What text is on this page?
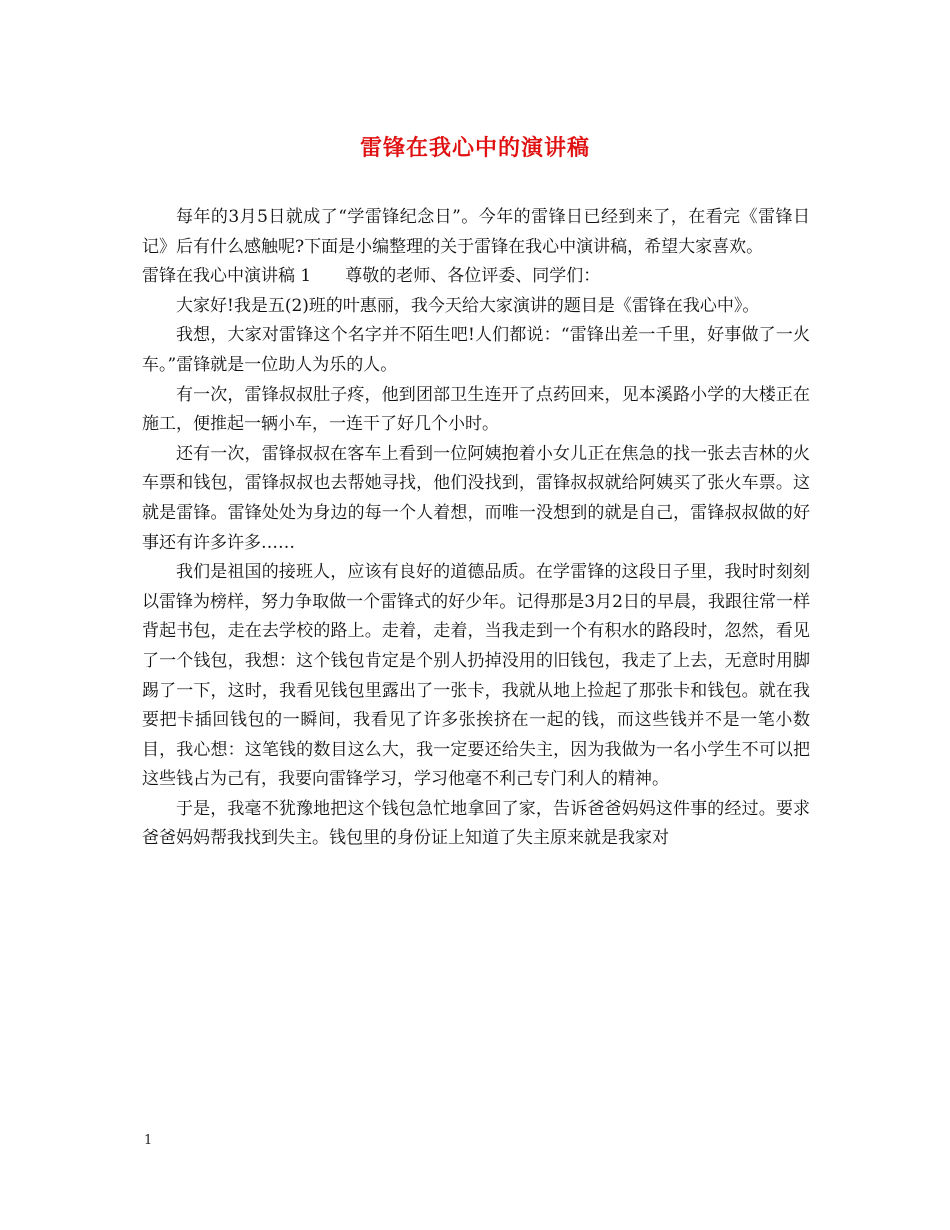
雷锋在我心中的演讲稿

每年的3月5日就成了“学雷锋纪念日”。今年的雷锋日已经到来了，在看完《雷锋日记》后有什么感触呢?下面是小编整理的关于雷锋在我心中演讲稿，希望大家喜欢。

雷锋在我心中演讲稿 1　　尊敬的老师、各位评委、同学们：

大家好!我是五(2)班的叶惠丽，我今天给大家演讲的题目是《雷锋在我心中》。

我想，大家对雷锋这个名字并不陌生吧!人们都说：“雷锋出差一千里，好事做了一火车。”雷锋就是一位助人为乐的人。

有一次，雷锋叔叔肚子疼，他到团部卫生连开了点药回来，见本溪路小学的大楼正在施工，便推起一辆小车，一连干了好几个小时。

还有一次，雷锋叔叔在客车上看到一位阿姨抱着小女儿正在焦急的找一张去吉林的火车票和钱包，雷锋叔叔也去帮她寻找，他们没找到，雷锋叔叔就给阿姨买了张火车票。这就是雷锋。雷锋处处为身边的每一个人着想，而唯一没想到的就是自己，雷锋叔叔做的好事还有许多许多……

我们是祖国的接班人，应该有良好的道德品质。在学雷锋的这段日子里，我时时刻刻以雷锋为榜样，努力争取做一个雷锋式的好少年。记得那是3月2日的早晨，我跟往常一样背起书包，走在去学校的路上。走着，走着，当我走到一个有积水的路段时，忽然，看见了一个钱包，我想：这个钱包肯定是个别人扔掉没用的旧钱包，我走了上去，无意时用脚踢了一下，这时，我看见钱包里露出了一张卡，我就从地上捡起了那张卡和钱包。就在我要把卡插回钱包的一瞬间，我看见了许多张挨挤在一起的钱，而这些钱并不是一笔小数目，我心想：这笔钱的数目这么大，我一定要还给失主，因为我做为一名小学生不可以把这些钱占为己有，我要向雷锋学习，学习他毫不利己专门利人的精神。

于是，我毫不犹豫地把这个钱包急忙地拿回了家，告诉爸爸妈妈这件事的经过。要求爸爸妈妈帮我找到失主。钱包里的身份证上知道了失主原来就是我家对

1
